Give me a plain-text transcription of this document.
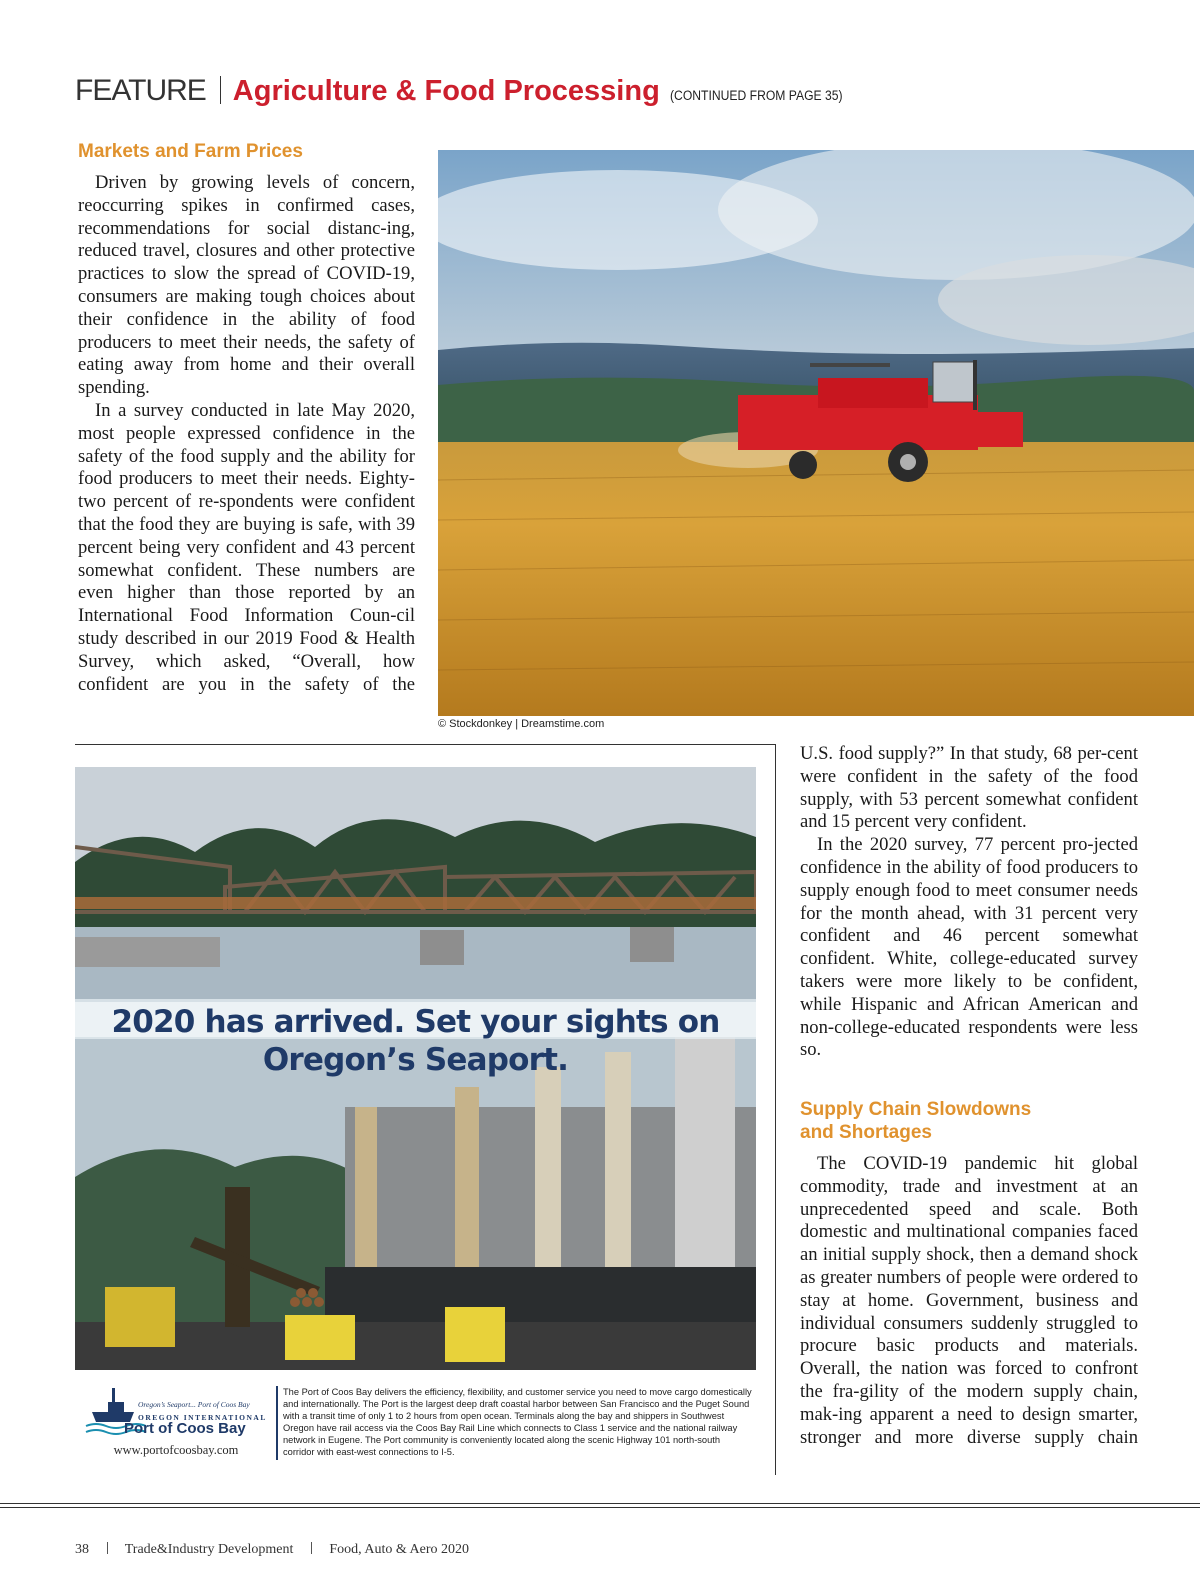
FEATURE Agriculture & Food Processing (CONTINUED FROM PAGE 35)
Markets and Farm Prices

Driven by growing levels of concern, reoccurring spikes in confirmed cases, recommendations for social distanc-ing, reduced travel, closures and other protective practices to slow the spread of COVID-19, consumers are making tough choices about their confidence in the ability of food producers to meet their needs, the safety of eating away from home and their overall spending.

In a survey conducted in late May 2020, most people expressed confidence in the safety of the food supply and the ability for food producers to meet their needs. Eighty-two percent of re-spondents were confident that the food they are buying is safe, with 39 percent being very confident and 43 percent somewhat confident. These numbers are even higher than those reported by an International Food Information Coun-cil study described in our 2019 Food & Health Survey, which asked, “Overall, how confident are you in the safety of the

© Stockdonkey | Dreamstime.com
2020 has arrived. Set your sights on
Oregon’s Seaport.
Oregon’s Seaport... Port of Coos Bay
OREGON INTERNATIONAL
Port of Coos Bay
www.portofcoosbay.com
The Port of Coos Bay delivers the efficiency, flexibility, and customer service you need to move cargo domestically and internationally. The Port is the largest deep draft coastal harbor between San Francisco and the Puget Sound with a transit time of only 1 to 2 hours from open ocean. Terminals along the bay and shippers in Southwest Oregon have rail access via the Coos Bay Rail Line which connects to Class 1 service and the national railway network in Eugene. The Port community is conveniently located along the scenic Highway 101 north-south corridor with east-west connections to I-5.

U.S. food supply?” In that study, 68 per-cent were confident in the safety of the food supply, with 53 percent somewhat confident and 15 percent very confident.

In the 2020 survey, 77 percent pro-jected confidence in the ability of food producers to supply enough food to meet consumer needs for the month ahead, with 31 percent very confident and 46 percent somewhat confident. White, college-educated survey takers were more likely to be confident, while Hispanic and African American and non-college-educated respondents were less so.

Supply Chain Slowdowns
and Shortages

The COVID-19 pandemic hit global commodity, trade and investment at an unprecedented speed and scale. Both domestic and multinational companies faced an initial supply shock, then a demand shock as greater numbers of people were ordered to stay at home. Government, business and individual consumers suddenly struggled to procure basic products and materials. Overall, the nation was forced to confront the fra-gility of the modern supply chain, mak-ing apparent a need to design smarter, stronger and more diverse supply chain

38	Trade&Industry Development	Food, Auto & Aero 2020
